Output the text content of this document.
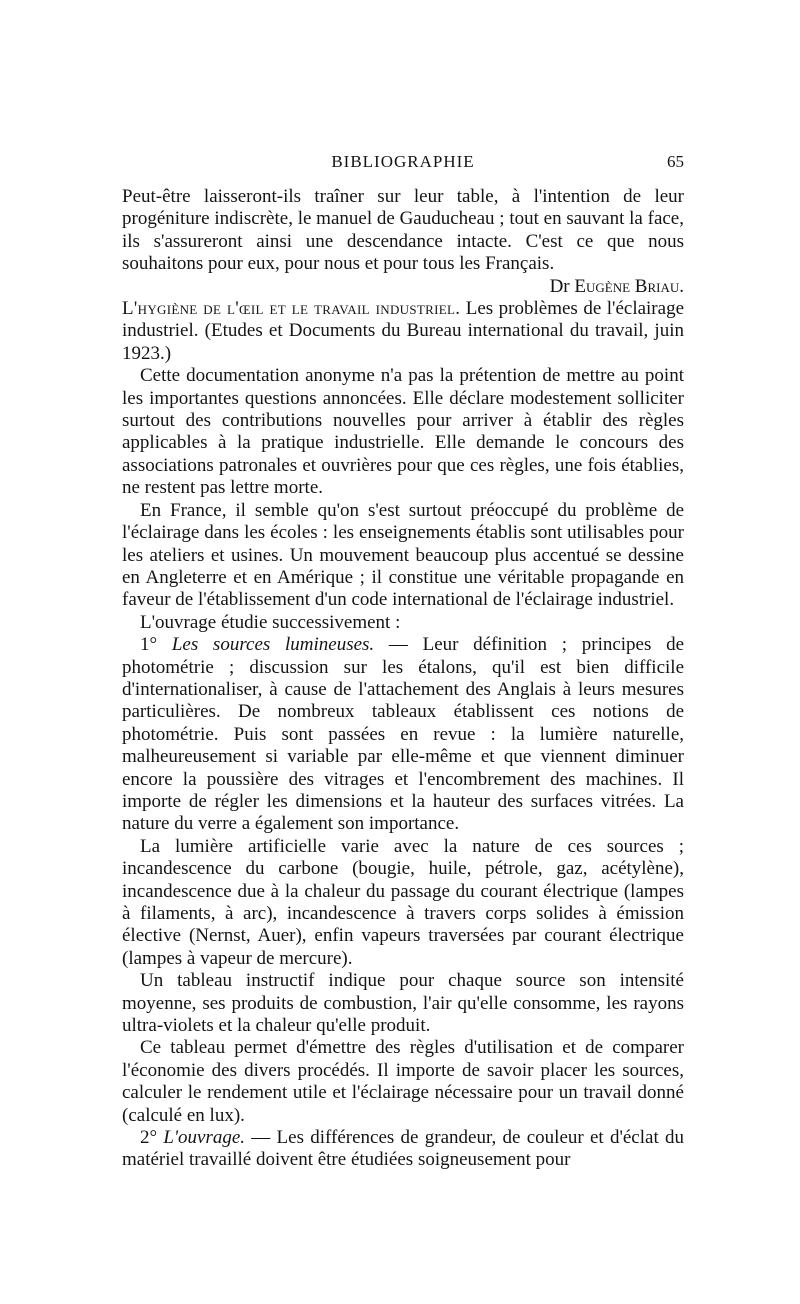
BIBLIOGRAPHIE	65

Peut-être laisseront-ils traîner sur leur table, à l'intention de leur progéniture indiscrète, le manuel de Gauducheau ; tout en sauvant la face, ils s'assureront ainsi une descendance intacte. C'est ce que nous souhaitons pour eux, pour nous et pour tous les Français.

Dr Eugène Briau.

L'hygiène de l'œil et le travail industriel. Les problèmes de l'éclairage industriel. (Etudes et Documents du Bureau international du travail, juin 1923.)

Cette documentation anonyme n'a pas la prétention de mettre au point les importantes questions annoncées. Elle déclare modestement solliciter surtout des contributions nouvelles pour arriver à établir des règles applicables à la pratique industrielle. Elle demande le concours des associations patronales et ouvrières pour que ces règles, une fois établies, ne restent pas lettre morte.

En France, il semble qu'on s'est surtout préoccupé du problème de l'éclairage dans les écoles : les enseignements établis sont utilisables pour les ateliers et usines. Un mouvement beaucoup plus accentué se dessine en Angleterre et en Amérique ; il constitue une véritable propagande en faveur de l'établissement d'un code international de l'éclairage industriel.

L'ouvrage étudie successivement :

1° Les sources lumineuses. — Leur définition ; principes de photométrie ; discussion sur les étalons, qu'il est bien difficile d'internationaliser, à cause de l'attachement des Anglais à leurs mesures particulières. De nombreux tableaux établissent ces notions de photométrie. Puis sont passées en revue : la lumière naturelle, malheureusement si variable par elle-même et que viennent diminuer encore la poussière des vitrages et l'encombrement des machines. Il importe de régler les dimensions et la hauteur des surfaces vitrées. La nature du verre a également son importance.

La lumière artificielle varie avec la nature de ces sources ; incandescence du carbone (bougie, huile, pétrole, gaz, acétylène), incandescence due à la chaleur du passage du courant électrique (lampes à filaments, à arc), incandescence à travers corps solides à émission élective (Nernst, Auer), enfin vapeurs traversées par courant électrique (lampes à vapeur de mercure).

Un tableau instructif indique pour chaque source son intensité moyenne, ses produits de combustion, l'air qu'elle consomme, les rayons ultra-violets et la chaleur qu'elle produit.

Ce tableau permet d'émettre des règles d'utilisation et de comparer l'économie des divers procédés. Il importe de savoir placer les sources, calculer le rendement utile et l'éclairage nécessaire pour un travail donné (calculé en lux).

2° L'ouvrage. — Les différences de grandeur, de couleur et d'éclat du matériel travaillé doivent être étudiées soigneusement pour
